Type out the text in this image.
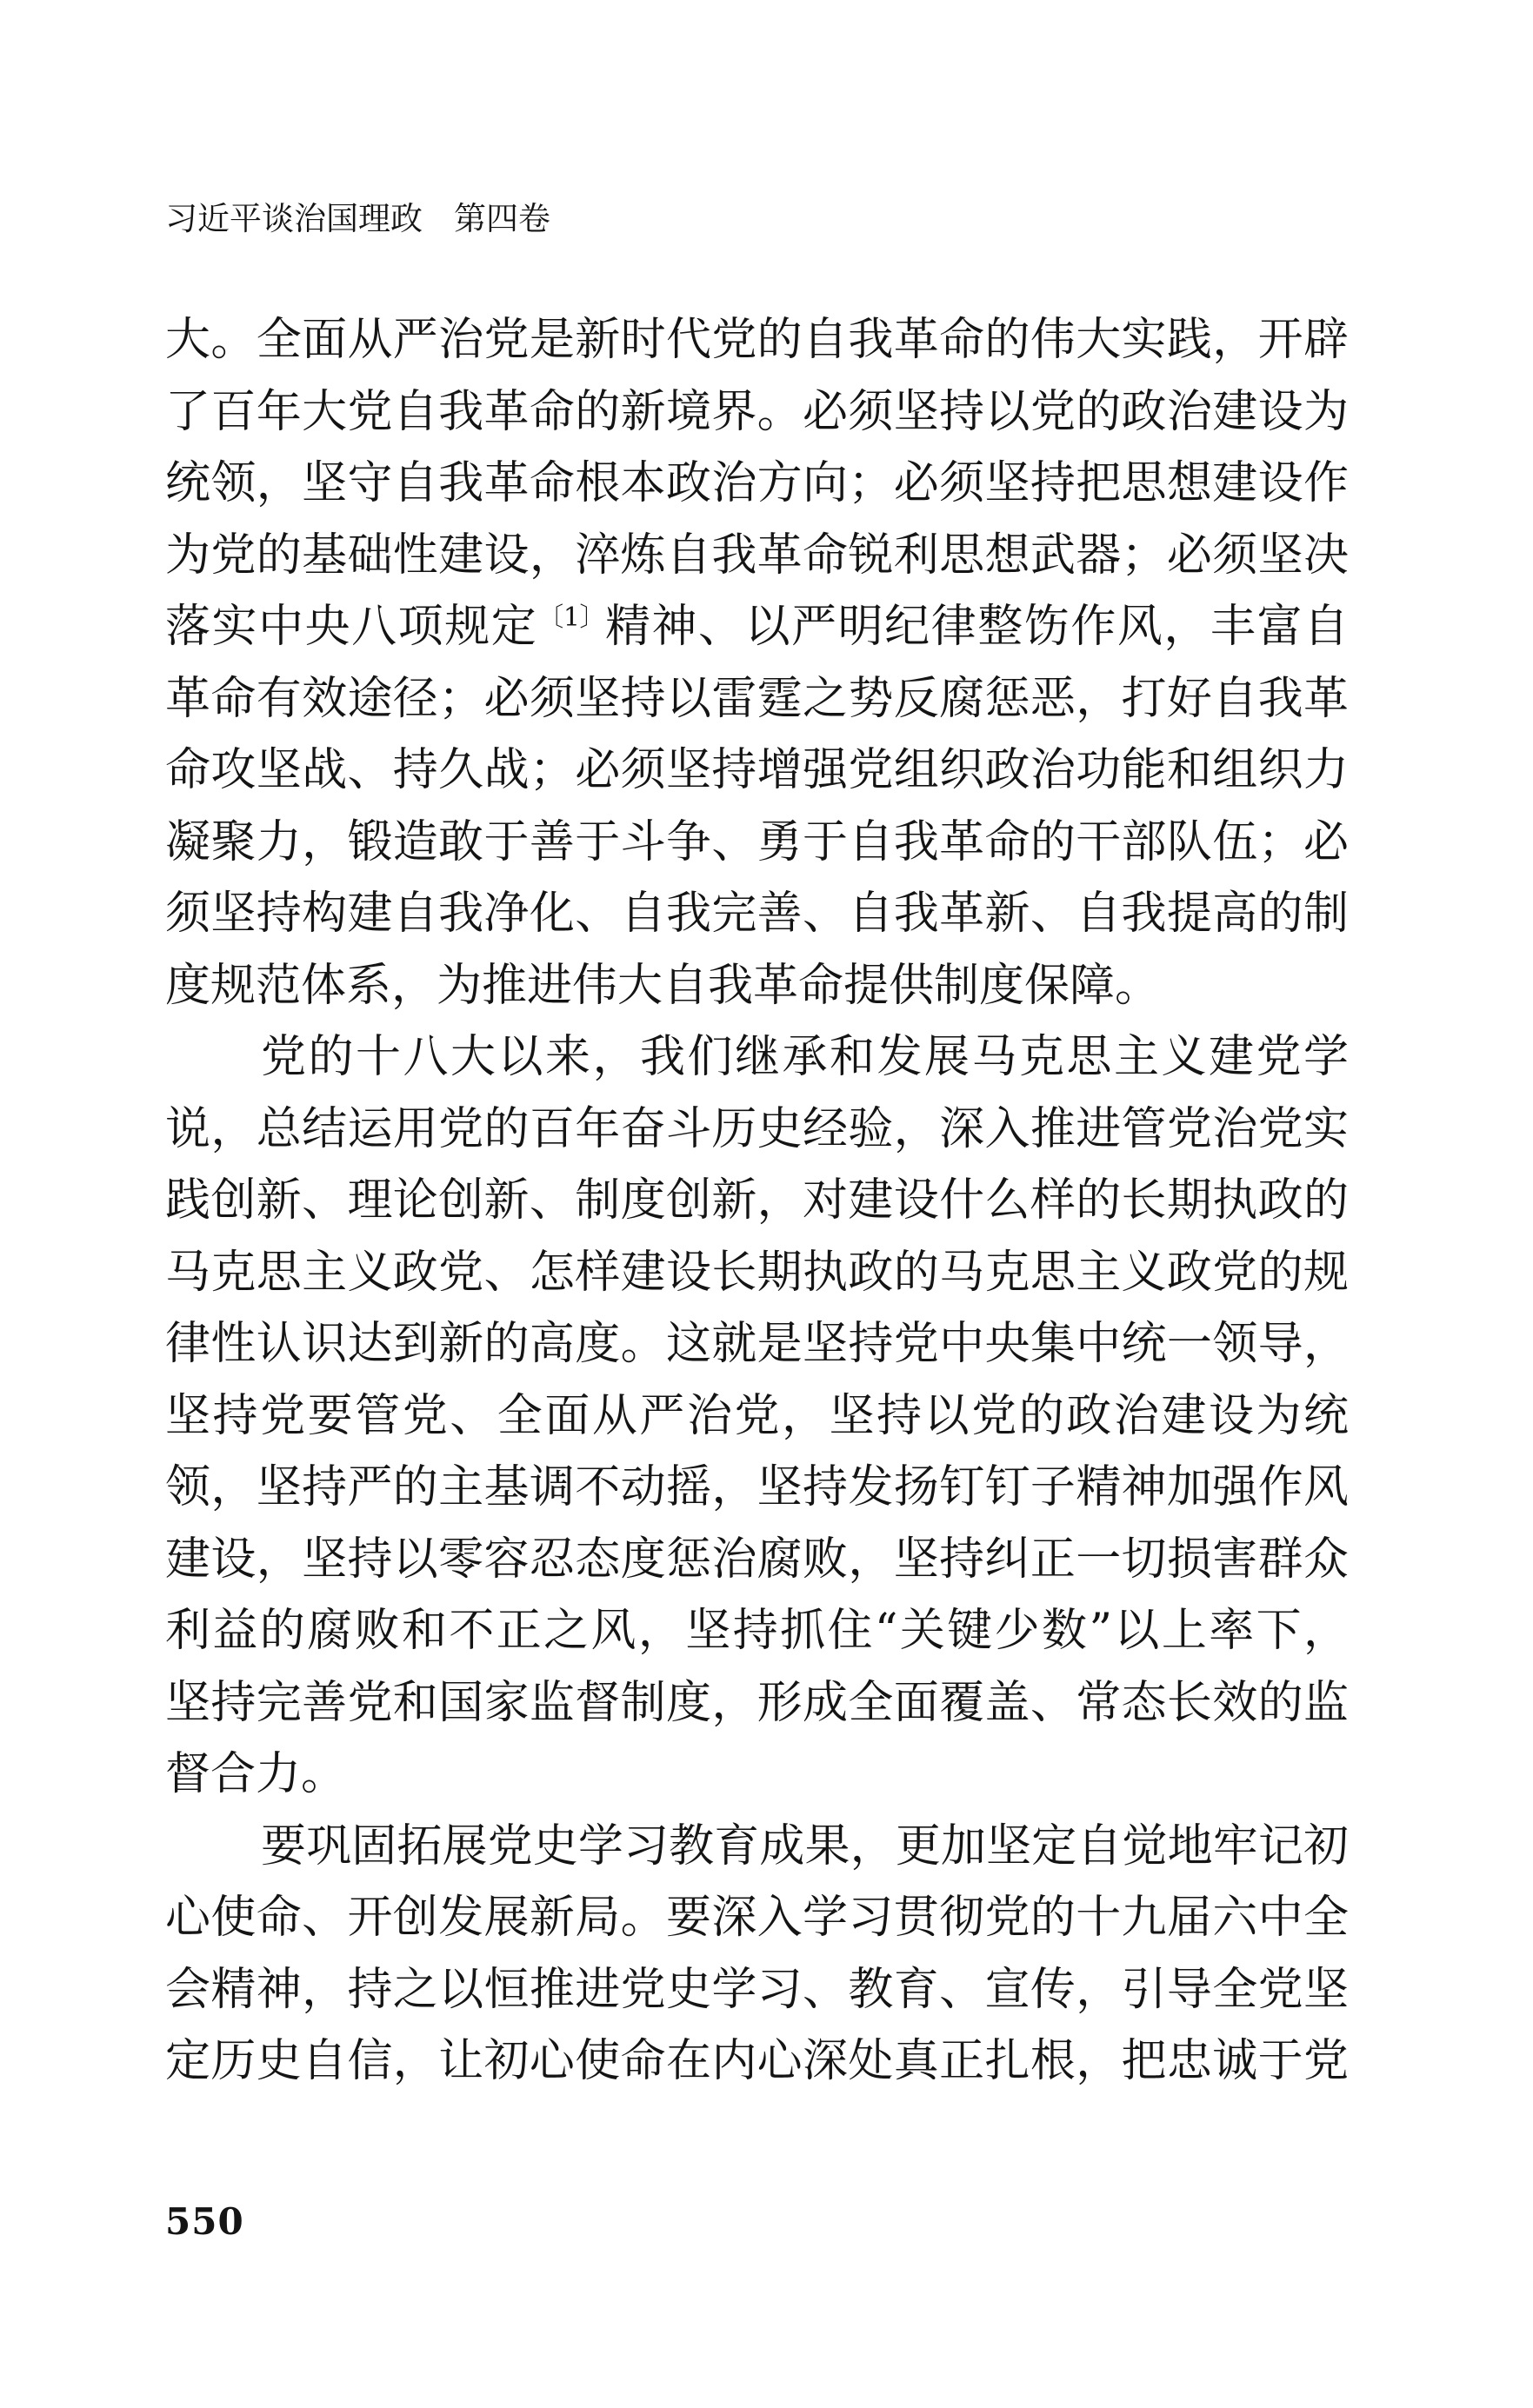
习近平谈治国理政 第四卷
大。全面从严治党是新时代党的自我革命的伟大实践，开辟
了百年大党自我革命的新境界。必须坚持以党的政治建设为
统领，坚守自我革命根本政治方向；必须坚持把思想建设作
为党的基础性建设，淬炼自我革命锐利思想武器；必须坚决
落实中央八项规定$^{〔1〕}$精神、以严明纪律整饬作风，丰富自
革命有效途径；必须坚持以雷霆之势反腐惩恶，打好自我革
命攻坚战、持久战；必须坚持增强党组织政治功能和组织力
凝聚力，锻造敢于善于斗争、勇于自我革命的干部队伍；必
须坚持构建自我净化、自我完善、自我革新、自我提高的制
度规范体系，为推进伟大自我革命提供制度保障。
党的十八大以来，我们继承和发展马克思主义建党学
说，总结运用党的百年奋斗历史经验，深入推进管党治党实
践创新、理论创新、制度创新，对建设什么样的长期执政的
马克思主义政党、怎样建设长期执政的马克思主义政党的规
律性认识达到新的高度。这就是坚持党中央集中统一领导，
坚持党要管党、全面从严治党，坚持以党的政治建设为统
领，坚持严的主基调不动摇，坚持发扬钉钉子精神加强作风
建设，坚持以零容忍态度惩治腐败，坚持纠正一切损害群众
利益的腐败和不正之风，坚持抓住“关键少数”以上率下，
坚持完善党和国家监督制度，形成全面覆盖、常态长效的监
督合力。
要巩固拓展党史学习教育成果，更加坚定自觉地牢记初
心使命、开创发展新局。要深入学习贯彻党的十九届六中全
会精神，持之以恒推进党史学习、教育、宣传，引导全党坚
定历史自信，让初心使命在内心深处真正扎根，把忠诚于党
550
